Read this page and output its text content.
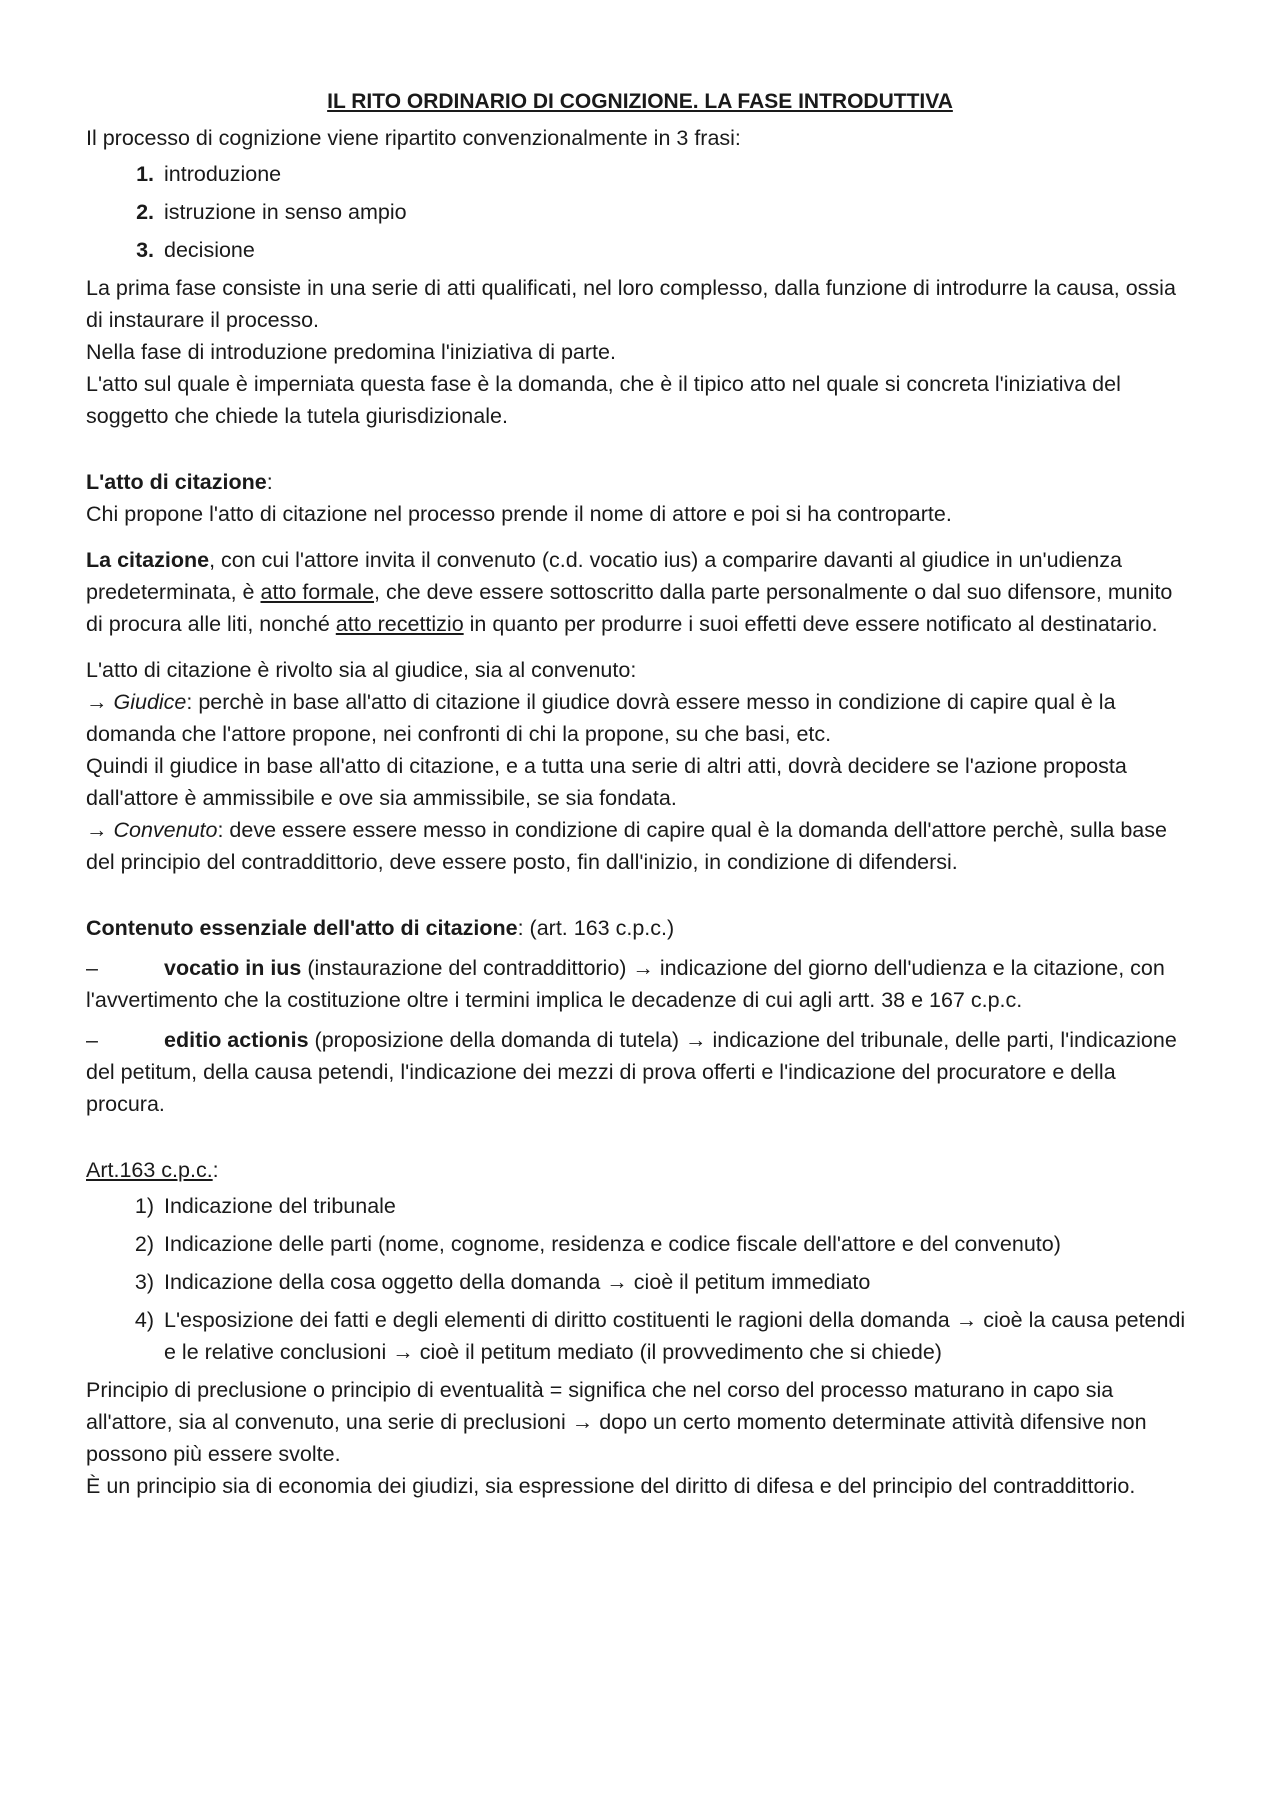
IL RITO ORDINARIO DI COGNIZIONE. LA FASE INTRODUTTIVA

Il processo di cognizione viene ripartito convenzionalmente in 3 frasi:

1. introduzione
2. istruzione in senso ampio
3. decisione

La prima fase consiste in una serie di atti qualificati, nel loro complesso, dalla funzione di introdurre la causa, ossia di instaurare il processo.

Nella fase di introduzione predomina l'iniziativa di parte.

L'atto sul quale è imperniata questa fase è la domanda, che è il tipico atto nel quale si concreta l'iniziativa del soggetto che chiede la tutela giurisdizionale.

L'atto di citazione:

Chi propone l'atto di citazione nel processo prende il nome di attore e poi si ha controparte.

La citazione, con cui l'attore invita il convenuto (c.d. vocatio ius) a comparire davanti al giudice in un'udienza predeterminata, è atto formale, che deve essere sottoscritto dalla parte personalmente o dal suo difensore, munito di procura alle liti, nonché atto recettizio in quanto per produrre i suoi effetti deve essere notificato al destinatario.

L'atto di citazione è rivolto sia al giudice, sia al convenuto:

→ Giudice: perchè in base all'atto di citazione il giudice dovrà essere messo in condizione di capire qual è la domanda che l'attore propone, nei confronti di chi la propone, su che basi, etc.

Quindi il giudice in base all'atto di citazione, e a tutta una serie di altri atti, dovrà decidere se l'azione proposta dall'attore è ammissibile e ove sia ammissibile, se sia fondata.

→ Convenuto: deve essere essere messo in condizione di capire qual è la domanda dell'attore perchè, sulla base del principio del contraddittorio, deve essere posto, fin dall'inizio, in condizione di difendersi.

Contenuto essenziale dell'atto di citazione: (art. 163 c.p.c.)

–	vocatio in ius (instaurazione del contraddittorio) → indicazione del giorno dell'udienza e la citazione, con l'avvertimento che la costituzione oltre i termini implica le decadenze di cui agli artt. 38 e 167 c.p.c.

–	editio actionis (proposizione della domanda di tutela) → indicazione del tribunale, delle parti, l'indicazione del petitum, della causa petendi, l'indicazione dei mezzi di prova offerti e l'indicazione del procuratore e della procura.

Art.163 c.p.c.:

1) Indicazione del tribunale
2) Indicazione delle parti (nome, cognome, residenza e codice fiscale dell'attore e del convenuto)
3) Indicazione della cosa oggetto della domanda → cioè il petitum immediato
4) L'esposizione dei fatti e degli elementi di diritto costituenti le ragioni della domanda → cioè la causa petendi
e le relative conclusioni → cioè il petitum mediato (il provvedimento che si chiede)

Principio di preclusione o principio di eventualità = significa che nel corso del processo maturano in capo sia all'attore, sia al convenuto, una serie di preclusioni → dopo un certo momento determinate attività difensive non possono più essere svolte.

È un principio sia di economia dei giudizi, sia espressione del diritto di difesa e del principio del contraddittorio.
